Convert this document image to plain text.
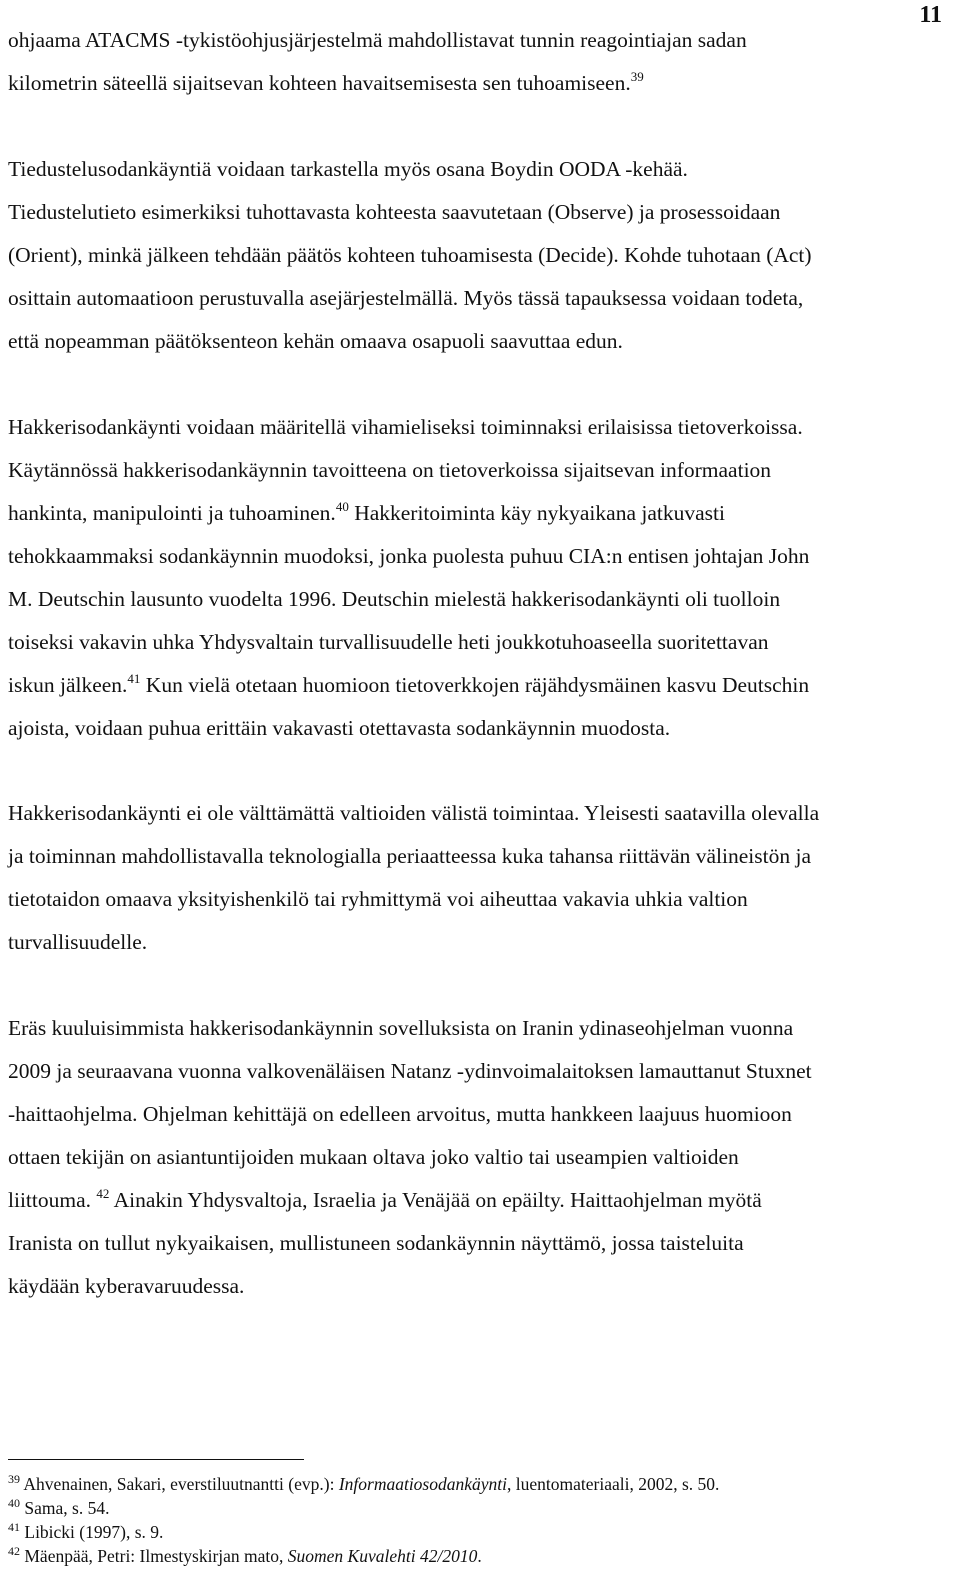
11
ohjaama ATACMS -tykistöohjusjärjestelmä mahdollistavat tunnin reagointiajan sadan
kilometrin säteellä sijaitsevan kohteen havaitsemisesta sen tuhoamiseen.$^{39}$
Tiedustelusodankäyntiä voidaan tarkastella myös osana Boydin OODA -kehää.
Tiedustelutieto esimerkiksi tuhottavasta kohteesta saavutetaan (Observe) ja prosessoidaan
(Orient), minkä jälkeen tehdään päätös kohteen tuhoamisesta (Decide). Kohde tuhotaan (Act)
osittain automaatioon perustuvalla asejärjestelmällä. Myös tässä tapauksessa voidaan todeta,
että nopeamman päätöksenteon kehän omaava osapuoli saavuttaa edun.
Hakkerisodankäynti voidaan määritellä vihamieliseksi toiminnaksi erilaisissa tietoverkoissa.
Käytännössä hakkerisodankäynnin tavoitteena on tietoverkoissa sijaitsevan informaation
hankinta, manipulointi ja tuhoaminen.$^{40}$ Hakkeritoiminta käy nykyaikana jatkuvasti
tehokkaammaksi sodankäynnin muodoksi, jonka puolesta puhuu CIA:n entisen johtajan John
M. Deutschin lausunto vuodelta 1996. Deutschin mielestä hakkerisodankäynti oli tuolloin
toiseksi vakavin uhka Yhdysvaltain turvallisuudelle heti joukkotuhoaseella suoritettavan
iskun jälkeen.$^{41}$ Kun vielä otetaan huomioon tietoverkkojen räjähdysmäinen kasvu Deutschin
ajoista, voidaan puhua erittäin vakavasti otettavasta sodankäynnin muodosta.
Hakkerisodankäynti ei ole välttämättä valtioiden välistä toimintaa. Yleisesti saatavilla olevalla
ja toiminnan mahdollistavalla teknologialla periaatteessa kuka tahansa riittävän välineistön ja
tietotaidon omaava yksityishenkilö tai ryhmittymä voi aiheuttaa vakavia uhkia valtion
turvallisuudelle.
Eräs kuuluisimmista hakkerisodankäynnin sovelluksista on Iranin ydinaseohjelman vuonna
2009 ja seuraavana vuonna valkovenäläisen Natanz -ydinvoimalaitoksen lamauttanut Stuxnet
-haittaohjelma. Ohjelman kehittäjä on edelleen arvoitus, mutta hankkeen laajuus huomioon
ottaen tekijän on asiantuntijoiden mukaan oltava joko valtio tai useampien valtioiden
liittouma. $^{42}$ Ainakin Yhdysvaltoja, Israelia ja Venäjää on epäilty. Haittaohjelman myötä
Iranista on tullut nykyaikaisen, mullistuneen sodankäynnin näyttämö, jossa taisteluita
käydään kyberavaruudessa.
$^{39}$ Ahvenainen, Sakari, everstiluutnantti (evp.): Informaatiosodankäynti, luentomateriaali, 2002, s. 50.
$^{40}$ Sama, s. 54.
$^{41}$ Libicki (1997), s. 9.
$^{42}$ Mäenpää, Petri: Ilmestyskirjan mato, Suomen Kuvalehti 42/2010.
